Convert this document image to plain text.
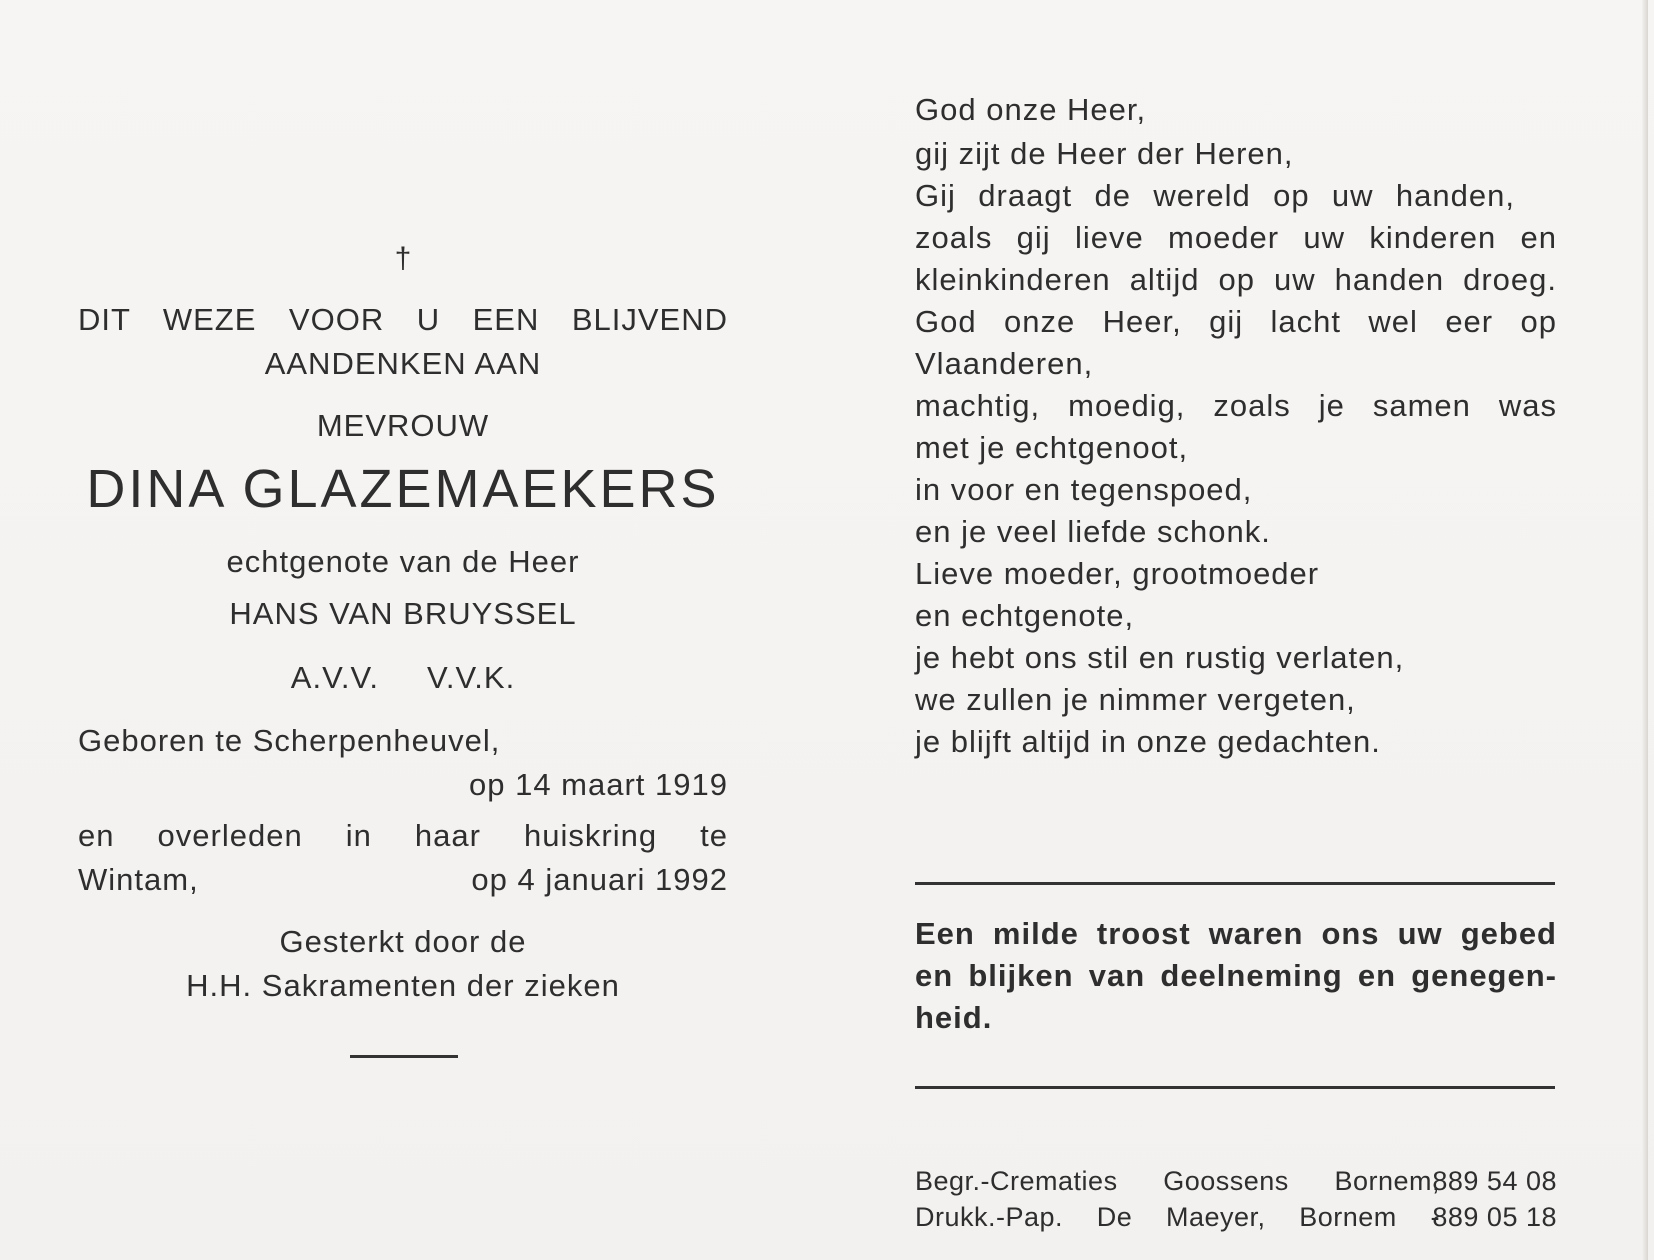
†
DIT WEZE VOOR U EEN BLIJVEND
AANDENKEN AAN
MEVROUW
DINA GLAZEMAEKERS
echtgenote van de Heer
HANS VAN BRUYSSEL
A.V.V.     V.V.K.
Geboren te Scherpenheuvel,
op 14 maart 1919
en overleden in haar huiskring te
Wintam,	op 4 januari 1992
Gesterkt door de
H.H. Sakramenten der zieken
God onze Heer,
gij zijt de Heer der Heren,
Gij draagt de wereld op uw handen,
zoals gij lieve moeder uw kinderen en
kleinkinderen altijd op uw handen droeg.
God onze Heer, gij lacht wel eer op
Vlaanderen,
machtig, moedig, zoals je samen was
met je echtgenoot,
in voor en tegenspoed,
en je veel liefde schonk.
Lieve moeder, grootmoeder
en echtgenote,
je hebt ons stil en rustig verlaten,
we zullen je nimmer vergeten,
je blijft altijd in onze gedachten.
Een milde troost waren ons uw gebed
en blijken van deelneming en genegen-
heid.
Begr.-Crematies Goossens Bornem,
889 54 08
Drukk.-Pap. De Maeyer, Bornem -
889 05 18
